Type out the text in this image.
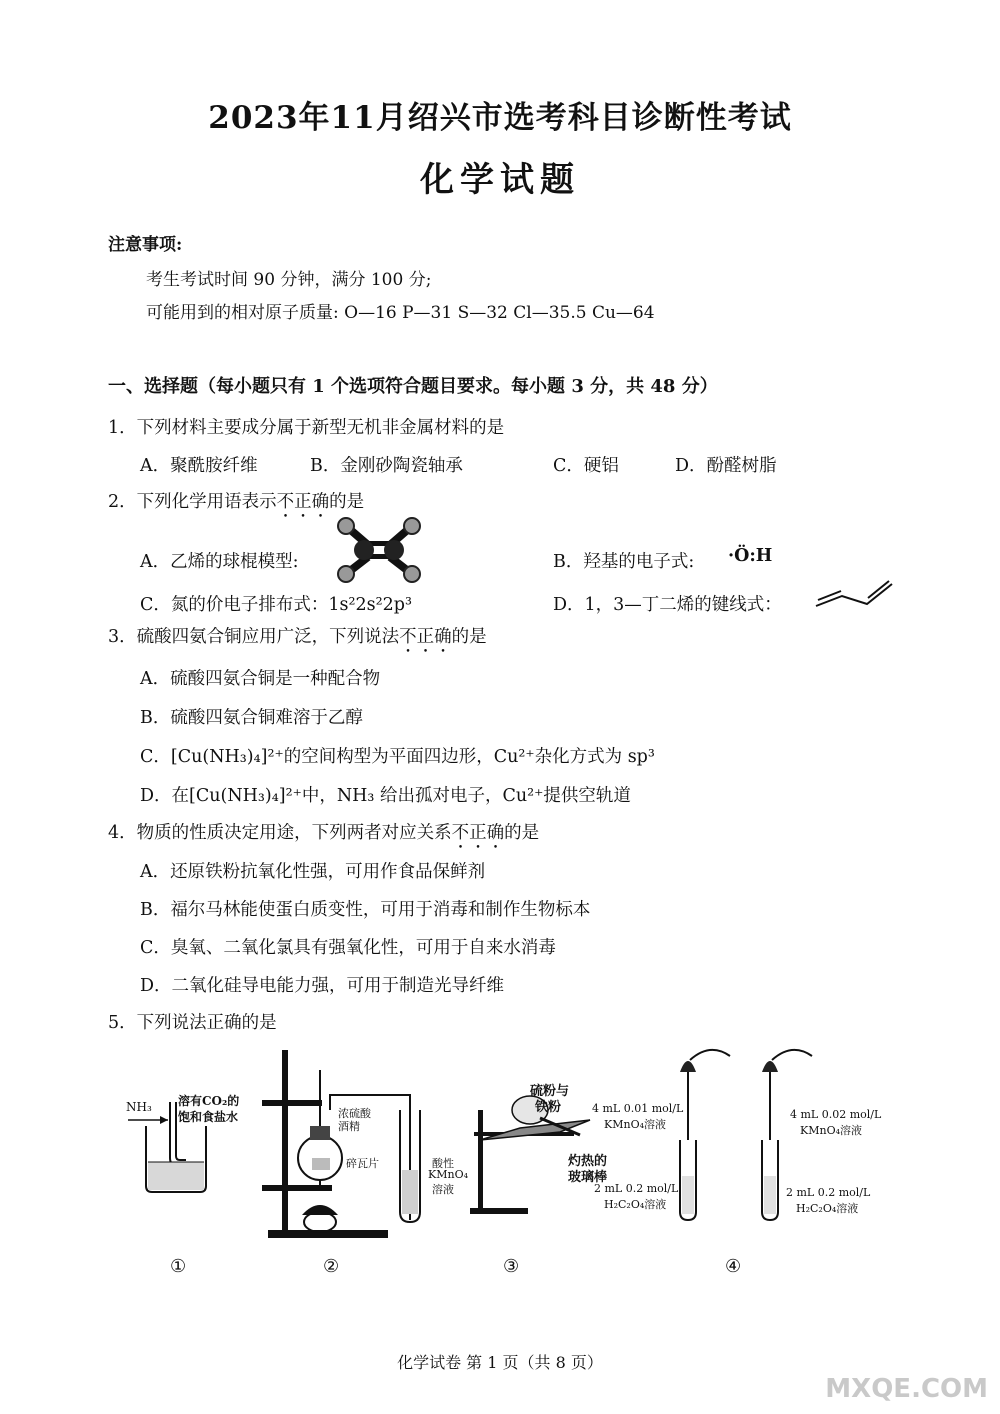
2023年11月绍兴市选考科目诊断性考试
化学试题
注意事项:
考生考试时间 90 分钟，满分 100 分;
可能用到的相对原子质量: O—16 P—31 S—32 Cl—35.5 Cu—64
一、选择题（每小题只有 1 个选项符合题目要求。每小题 3 分，共 48 分）
1．下列材料主要成分属于新型无机非金属材料的是
A．聚酰胺纤维	B．金刚砂陶瓷轴承	C．硬铝	D．酚醛树脂
2．下列化学用语表示不正确的是
A．乙烯的球棍模型:	B．羟基的电子式: ·Ö:H
C．氮的价电子排布式：1s²2s²2p³	D．1，3—丁二烯的键线式：
3．硫酸四氨合铜应用广泛，下列说法不正确的是
A．硫酸四氨合铜是一种配合物
B．硫酸四氨合铜难溶于乙醇
C．[Cu(NH₃)₄]²⁺的空间构型为平面四边形，Cu²⁺杂化方式为 sp³
D．在[Cu(NH₃)₄]²⁺中，NH₃ 给出孤对电子，Cu²⁺提供空轨道
4．物质的性质决定用途，下列两者对应关系不正确的是
A．还原铁粉抗氧化性强，可用作食品保鲜剂
B．福尔马林能使蛋白质变性，可用于消毒和制作生物标本
C．臭氧、二氧化氯具有强氧化性，可用于自来水消毒
D．二氧化硅导电能力强，可用于制造光导纤维
5．下列说法正确的是
NH₃ 溶有CO₂的
饱和食盐水	浓硫酸
酒精
碎瓦片	酸性
KMnO₄
溶液
硫粉与
铁粉
灼热的
玻璃棒
4 mL 0.01 mol/L
KMnO₄溶液
2 mL 0.2 mol/L
H₂C₂O₄溶液
4 mL 0.02 mol/L
KMnO₄溶液
2 mL 0.2 mol/L
H₂C₂O₄溶液
①	②	③	④
化学试卷 第 1 页（共 8 页）
MXQE.COM
